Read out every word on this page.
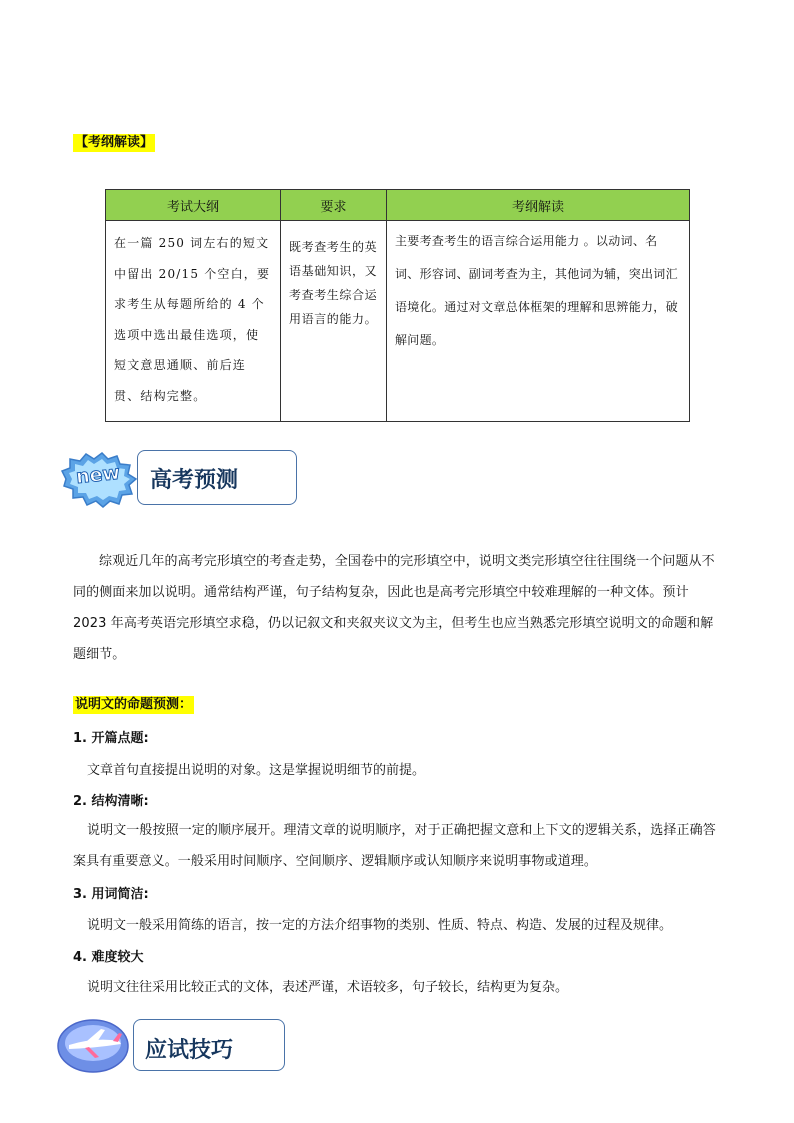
【考纲解读】
考试大纲	要求	考纲解读
在一篇 250 词左右的短文中留出 20/15 个空白，要求考生从每题所给的 4 个选项中选出最佳选项，使短文意思通顺、前后连贯、结构完整。	既考查考生的英语基础知识，又考查考生综合运用语言的能力。	主要考查考生的语言综合运用能力 。以动词、名词、形容词、副词考查为主，其他词为辅，突出词汇语境化。通过对文章总体框架的理解和思辨能力，破解问题。
new	高考预测
综观近几年的高考完形填空的考查走势，全国卷中的完形填空中，说明文类完形填空往往围绕一个问题从不同的侧面来加以说明。通常结构严谨，句子结构复杂，因此也是高考完形填空中较难理解的一种文体。预计 2023 年高考英语完形填空求稳，仍以记叙文和夹叙夹议文为主，但考生也应当熟悉完形填空说明文的命题和解题细节。
说明文的命题预测：
1. 开篇点题:
文章首句直接提出说明的对象。这是掌握说明细节的前提。
2. 结构清晰:
说明文一般按照一定的顺序展开。理清文章的说明顺序，对于正确把握文意和上下文的逻辑关系，选择正确答案具有重要意义。一般采用时间顺序、空间顺序、逻辑顺序或认知顺序来说明事物或道理。
3. 用词简洁:
说明文一般采用简练的语言，按一定的方法介绍事物的类别、性质、特点、构造、发展的过程及规律。
4. 难度较大
说明文往往采用比较正式的文体，表述严谨，术语较多，句子较长，结构更为复杂。
应试技巧
